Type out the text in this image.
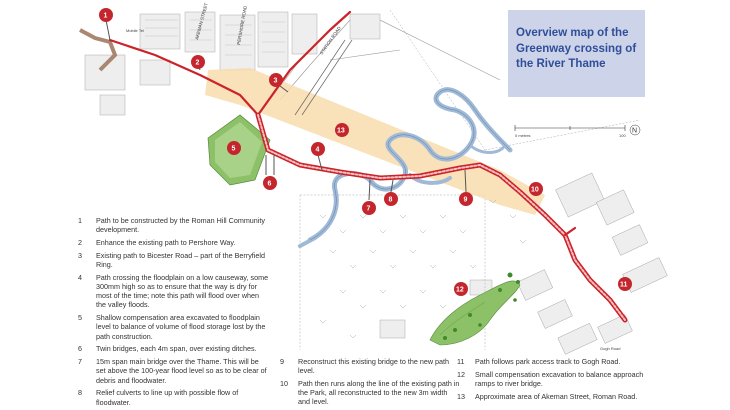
AKEMAN STREET	PERSHORE ROAD	STATION ROAD
Gogh Road
Mobile Tel
0 metres	100
N
1
2
3
4
5
6
7
8	9
10
11
12
13
Overview map of the
Greenway crossing of
the River Thame
1 Path to be constructed by the Roman Hill Community development.
2 Enhance the existing path to Pershore Way.
3 Existing path to Bicester Road – part of the Berryfield Ring.
4 Path crossing the floodplain on a low causeway, some 300mm high so as to ensure that the way is dry for most of the time; note this path will flood over when the valley floods.
5 Shallow compensation area excavated to floodplain level to balance of volume of flood storage lost by the path construction.
6 Twin bridges, each 4m span, over existing ditches.
7 15m span main bridge over the Thame. This will be set above the 100-year flood level so as to be clear of debris and floodwater.
8 Relief culverts to line up with possible flow of floodwater.
9 Reconstruct this existing bridge to the new path level.
10 Path then runs along the line of the existing path in the Park, all reconstructed to the new 3m width and level.
11 Path follows park access track to Gogh Road.
12 Small compensation excavation to balance approach ramps to river bridge.
13 Approximate area of Akeman Street, Roman Road.
